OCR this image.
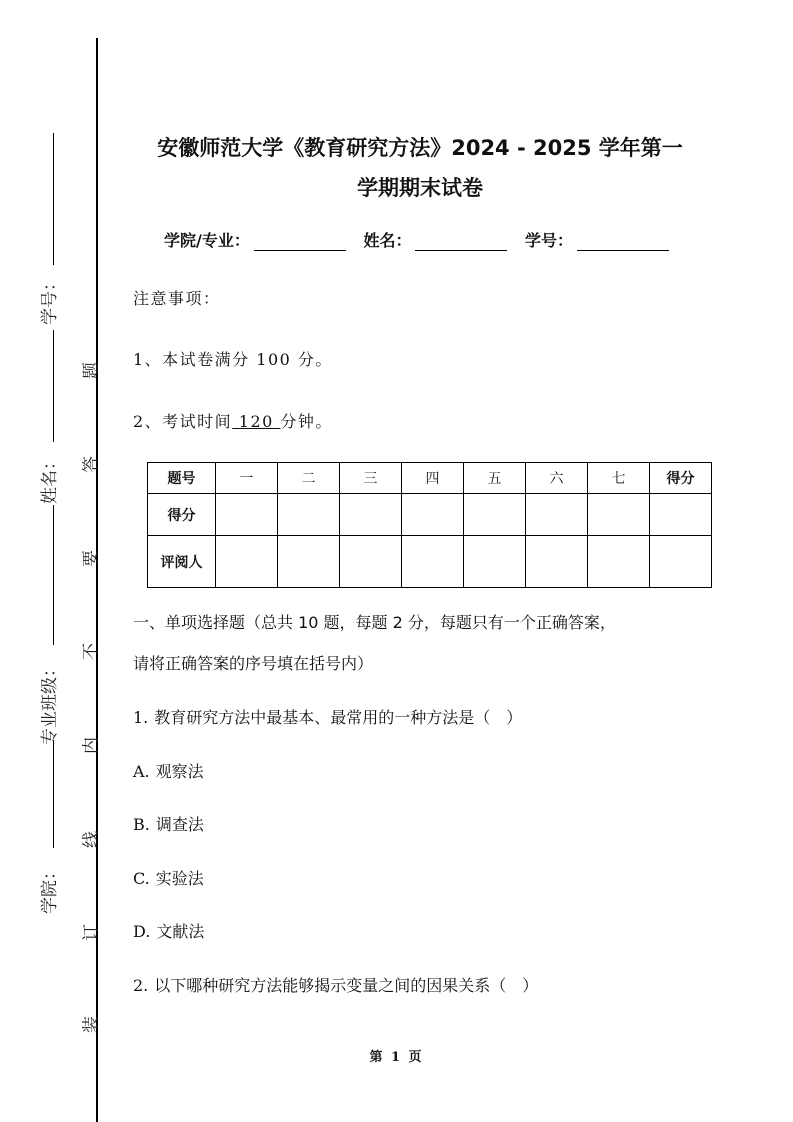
学号：
姓名：
专业班级：
学院：
题
答
要
不
内
线
订
装
安徽师范大学《教育研究方法》2024 - 2025 学年第一
学期期末试卷
学院/专业：	姓名：	学号：
注意事项：
1、本试卷满分 100 分。
2、考试时间 120 分钟。
题号	一	二	三	四	五	六	七	得分
得分								
评阅人								
一、单项选择题（总共 10 题，每题 2 分，每题只有一个正确答案，
请将正确答案的序号填在括号内）
1. 教育研究方法中最基本、最常用的一种方法是（　）
A. 观察法
B. 调查法
C. 实验法
D. 文献法
2. 以下哪种研究方法能够揭示变量之间的因果关系（　）
第 1 页
